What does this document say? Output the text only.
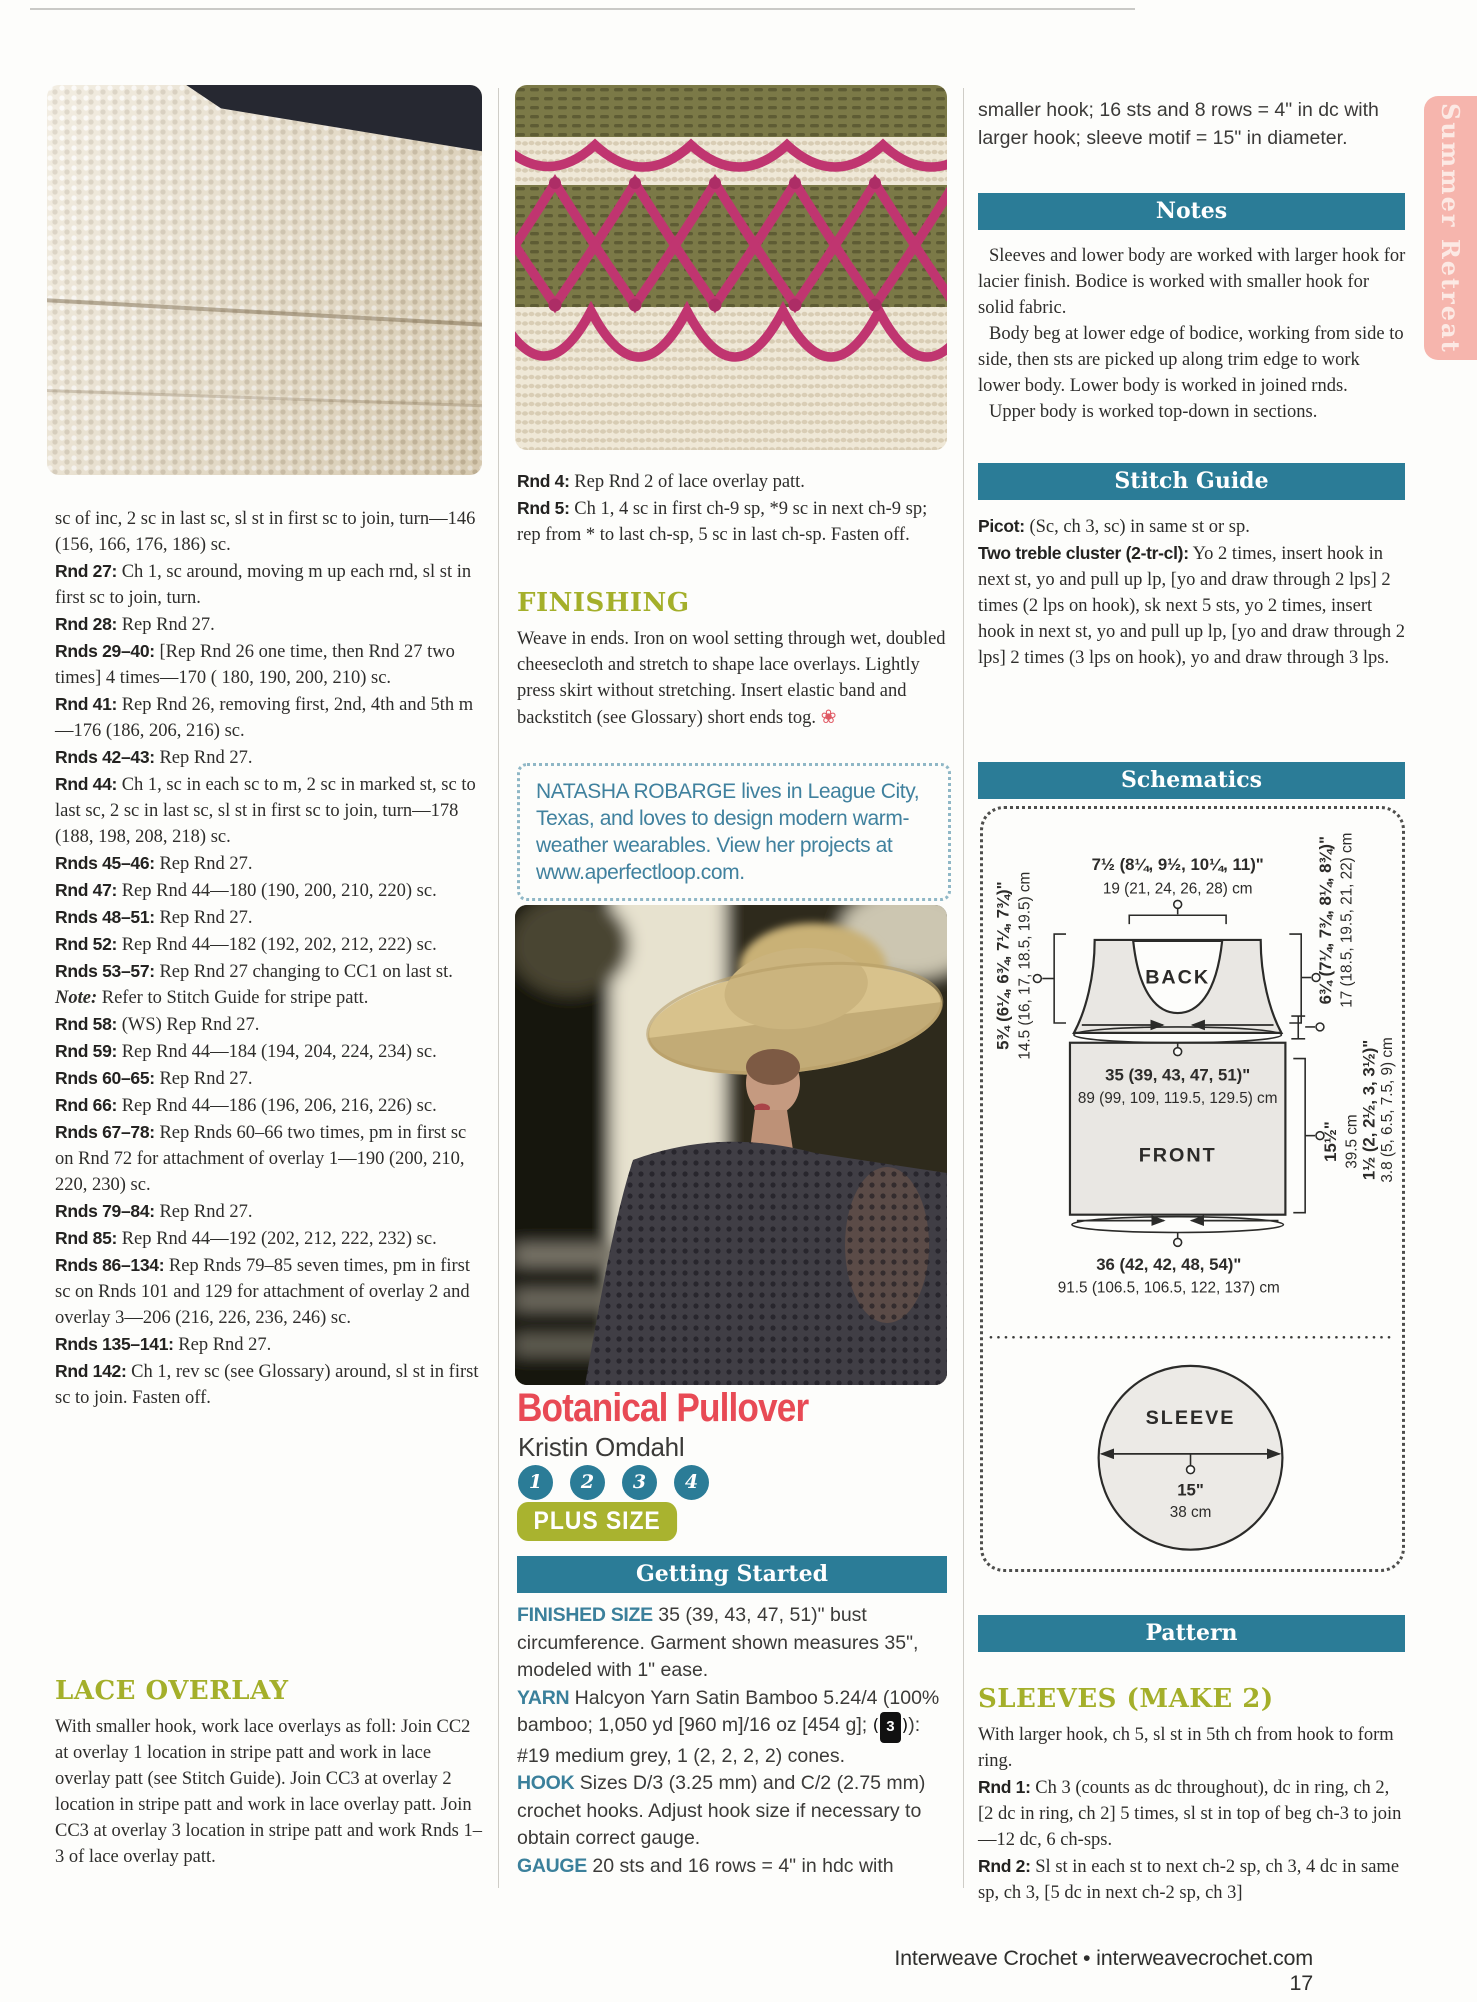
sc of inc, 2 sc in last sc, sl st in first sc to join, turn—146 (156, 166, 176, 186) sc.

Rnd 27: Ch 1, sc around, moving m up each rnd, sl st in first sc to join, turn.

Rnd 28: Rep Rnd 27.

Rnds 29–40: [Rep Rnd 26 one time, then Rnd 27 two times] 4 times—170 ( 180, 190, 200, 210) sc.

Rnd 41: Rep Rnd 26, removing first, 2nd, 4th and 5th m—176 (186, 206, 216) sc.

Rnds 42–43: Rep Rnd 27.

Rnd 44: Ch 1, sc in each sc to m, 2 sc in marked st, sc to last sc, 2 sc in last sc, sl st in first sc to join, turn—178 (188, 198, 208, 218) sc.

Rnds 45–46: Rep Rnd 27.

Rnd 47: Rep Rnd 44—180 (190, 200, 210, 220) sc.

Rnds 48–51: Rep Rnd 27.

Rnd 52: Rep Rnd 44—182 (192, 202, 212, 222) sc.

Rnds 53–57: Rep Rnd 27 changing to CC1 on last st. Note: Refer to Stitch Guide for stripe patt.

Rnd 58: (WS) Rep Rnd 27.

Rnd 59: Rep Rnd 44—184 (194, 204, 224, 234) sc.

Rnds 60–65: Rep Rnd 27.

Rnd 66: Rep Rnd 44—186 (196, 206, 216, 226) sc.

Rnds 67–78: Rep Rnds 60–66 two times, pm in first sc on Rnd 72 for attachment of overlay 1—190 (200, 210, 220, 230) sc.

Rnds 79–84: Rep Rnd 27.

Rnd 85: Rep Rnd 44—192 (202, 212, 222, 232) sc.

Rnds 86–134: Rep Rnds 79–85 seven times, pm in first sc on Rnds 101 and 129 for attachment of overlay 2 and overlay 3—206 (216, 226, 236, 246) sc.

Rnds 135–141: Rep Rnd 27.

Rnd 142: Ch 1, rev sc (see Glossary) around, sl st in first sc to join. Fasten off.

LACE OVERLAY
With smaller hook, work lace overlays as foll: Join CC2 at overlay 1 location in stripe patt and work in lace overlay patt (see Stitch Guide). Join CC3 at overlay 2 location in stripe patt and work in lace overlay patt. Join CC3 at overlay 3 location in stripe patt and work Rnds 1–3 of lace overlay patt.

Rnd 4: Rep Rnd 2 of lace overlay patt.

Rnd 5: Ch 1, 4 sc in first ch-9 sp, *9 sc in next ch-9 sp; rep from * to last ch-sp, 5 sc in last ch-sp. Fasten off.

FINISHING
Weave in ends. Iron on wool setting through wet, doubled cheesecloth and stretch to shape lace overlays. Lightly press skirt without stretching. Insert elastic band and backstitch (see Glossary) short ends tog. ❀
NATASHA ROBARGE lives in League City, Texas, and loves to design modern warm-weather wearables. View her projects at www.aperfectloop.com.
Botanical Pullover
Kristin Omdahl
1	2	3	4
PLUS SIZE
Getting Started

FINISHED SIZE 35 (39, 43, 47, 51)" bust circumference. Garment shown measures 35", modeled with 1" ease.

YARN Halcyon Yarn Satin Bamboo 5.24/4 (100% bamboo; 1,050 yd [960 m]/16 oz [454 g]; ( 3 )): #19 medium grey, 1 (2, 2, 2, 2) cones.

HOOK Sizes D/3 (3.25 mm) and C/2 (2.75 mm) crochet hooks. Adjust hook size if necessary to obtain correct gauge.

GAUGE 20 sts and 16 rows = 4" in hdc with

smaller hook; 16 sts and 8 rows = 4" in dc with larger hook; sleeve motif = 15" in diameter.
Notes

Sleeves and lower body are worked with larger hook for lacier finish. Bodice is worked with smaller hook for solid fabric.

Body beg at lower edge of bodice, working from side to side, then sts are picked up along trim edge to work lower body. Lower body is worked in joined rnds.

Upper body is worked top-down in sections.

Stitch Guide

Picot: (Sc, ch 3, sc) in same st or sp.

Two treble cluster (2-tr-cl): Yo 2 times, insert hook in next st, yo and pull up lp, [yo and draw through 2 lps] 2 times (2 lps on hook), sk next 5 sts, yo 2 times, insert hook in next st, yo and pull up lp, [yo and draw through 2 lps] 2 times (3 lps on hook), yo and draw through 3 lps.

Schematics
7½ (8¼, 9½, 10¼, 11)"
19 (21, 24, 26, 28) cm
BACK
35 (39, 43, 47, 51)"
89 (99, 109, 119.5, 129.5) cm
FRONT
36 (42, 42, 48, 54)"
91.5 (106.5, 106.5, 122, 137) cm
5¾ (6¼, 6¾, 7¼, 7¾)" 14.5 (16, 17, 18.5, 19.5) cm	6¾ (7¼, 7¾, 8¼, 8¾)" 17 (18.5, 19.5, 21, 22) cm
1½ (2, 2½, 3, 3½)" 3.8 (5, 6.5, 7.5, 9) cm
15½" 39.5 cm
SLEEVE
15"
38 cm
Pattern
SLEEVES (MAKE 2)

With larger hook, ch 5, sl st in 5th ch from hook to form ring.

Rnd 1: Ch 3 (counts as dc throughout), dc in ring, ch 2, [2 dc in ring, ch 2] 5 times, sl st in top of beg ch-3 to join—12 dc, 6 ch-sps.

Rnd 2: Sl st in each st to next ch-2 sp, ch 3, 4 dc in same sp, ch 3, [5 dc in next ch-2 sp, ch 3]

Interweave Crochet • interweavecrochet.com 17
Summer Retreat
